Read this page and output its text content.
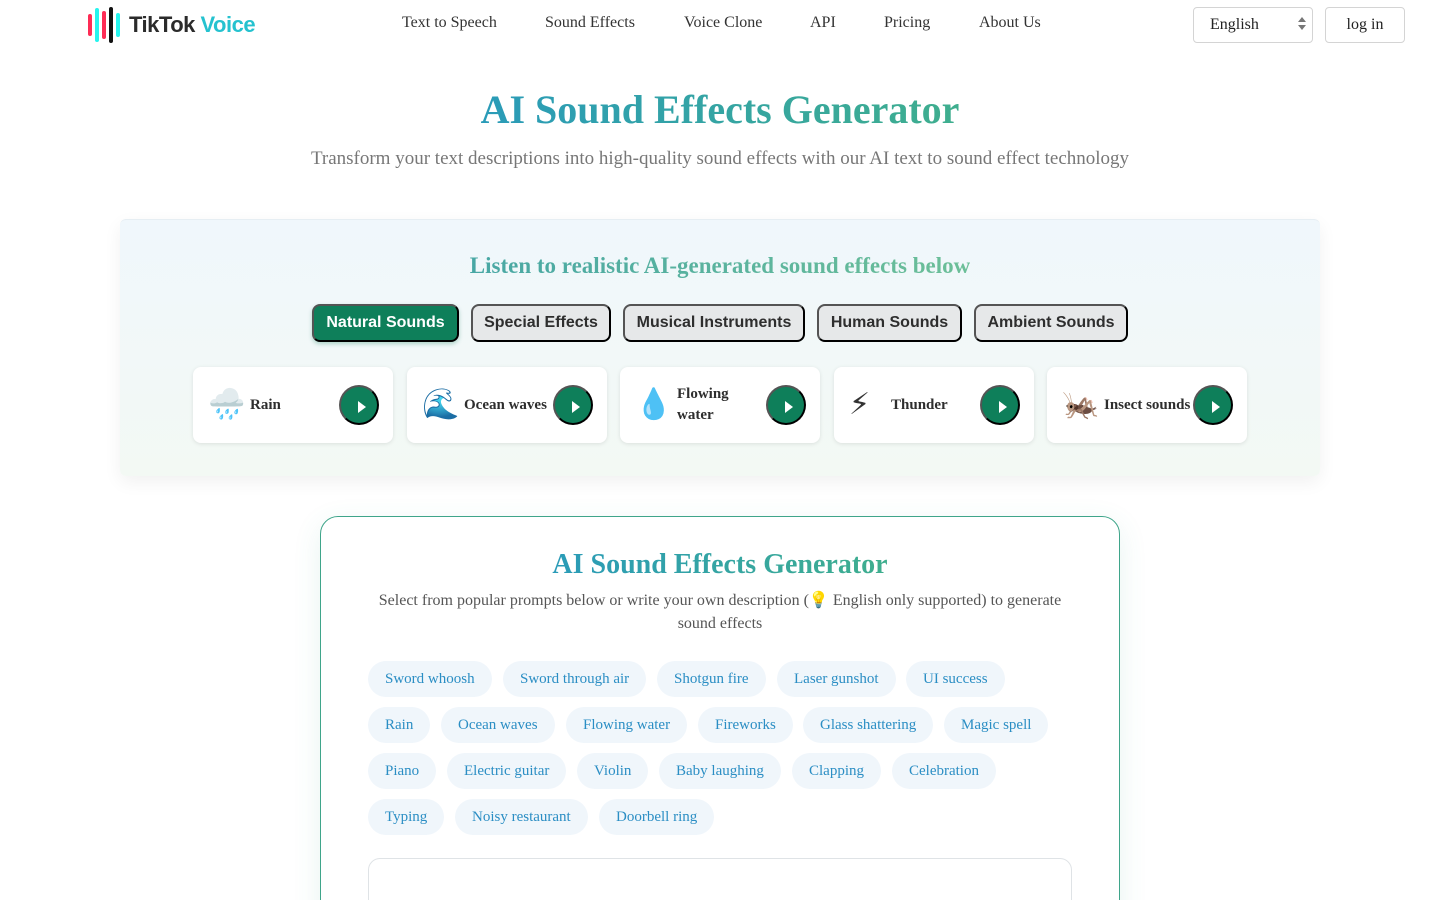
TikTok Voice	Text to Speech	Sound Effects	Voice Clone	API	Pricing	About Us	English	log in
AI Sound Effects Generator

Transform your text descriptions into high-quality sound effects with our AI text to sound effect technology

Listen to realistic AI-generated sound effects below
Natural Sounds	Special Effects	Musical Instruments	Human Sounds	Ambient Sounds
🌧️ Rain	🌊 Ocean waves	💧 Flowing water	⚡ Thunder	🦗 Insect sounds
AI Sound Effects Generator

Select from popular prompts below or write your own description (💡 English only supported) to generate sound effects

Sword whoosh	Sword through air	Shotgun fire	Laser gunshot	UI success
Rain	Ocean waves	Flowing water	Fireworks	Glass shattering	Magic spell
Piano	Electric guitar	Violin	Baby laughing	Clapping	Celebration
Typing	Noisy restaurant	Doorbell ring
